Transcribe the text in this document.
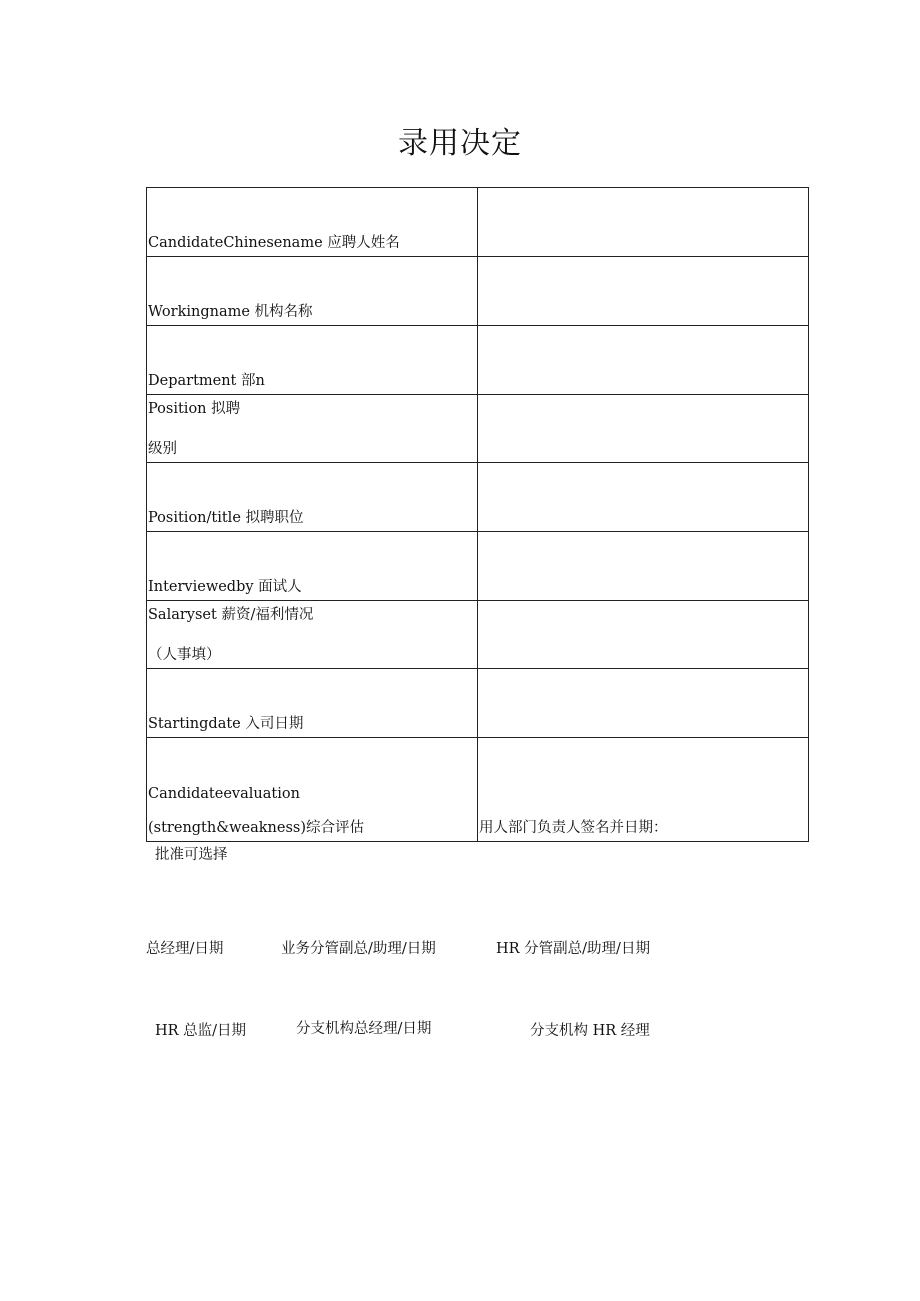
录用决定
CandidateChinesename 应聘人姓名	
Workingname 机构名称	
Department 部n	

Position 拟聘
级别	

Position/title 拟聘职位	
Interviewedby 面试人	

Salaryset 薪资/福利情况
（人事填）	

Startingdate 入司日期	

Candidateevaluation
(strength&weakness)综合评估	用人部门负责人签名并日期：
批准可选择
总经理/日期	业务分管副总/助理/日期	HR 分管副总/助理/日期
HR 总监/日期	分支机构总经理/日期	分支机构 HR 经理
